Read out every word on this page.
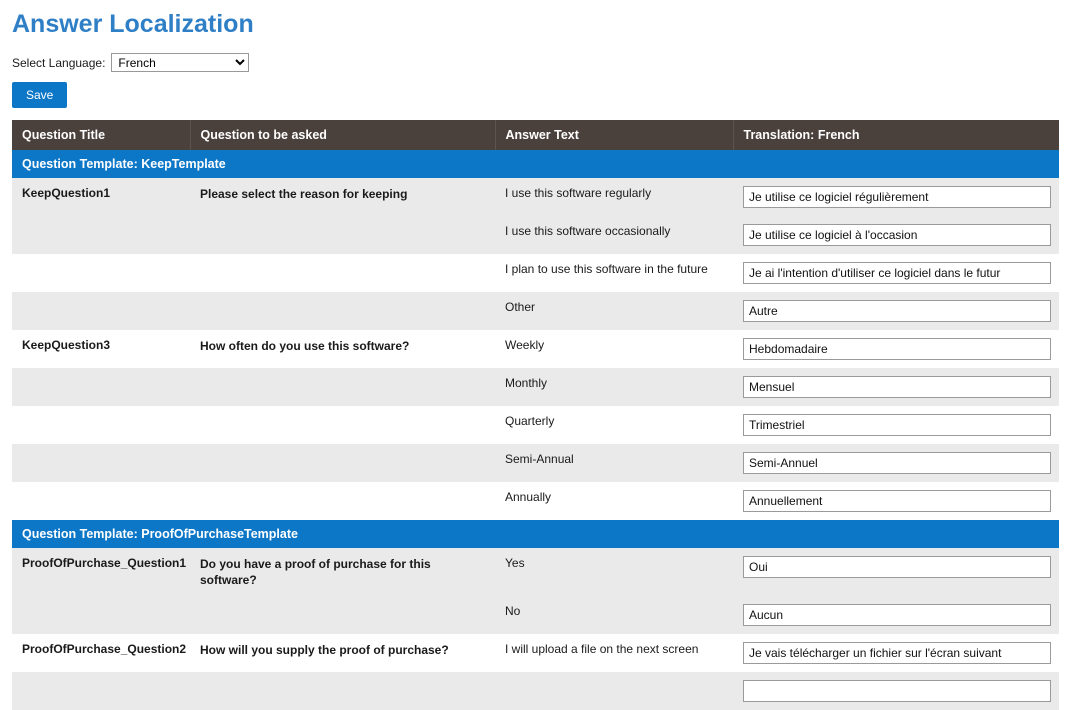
Answer Localization
Select Language:
French
Save
Question Title	Question to be asked	Answer Text	Translation: French
Question Template: KeepTemplate			
KeepQuestion1	Please select the reason for keeping	I use this software regularly	Je utilise ce logiciel régulièrement
		I use this software occasionally	Je utilise ce logiciel à l'occasion
		I plan to use this software in the future	Je ai l'intention d'utiliser ce logiciel dans le futur
		Other	Autre
KeepQuestion3	How often do you use this software?	Weekly	Hebdomadaire
		Monthly	Mensuel
		Quarterly	Trimestriel
		Semi-Annual	Semi-Annuel
		Annually	Annuellement
Question Template: ProofOfPurchaseTemplate			
ProofOfPurchase_Question1	Do you have a proof of purchase for this software?	Yes	Oui
		No	Aucun
ProofOfPurchase_Question2	How will you supply the proof of purchase?	I will upload a file on the next screen	Je vais télécharger un fichier sur l'écran suivant
